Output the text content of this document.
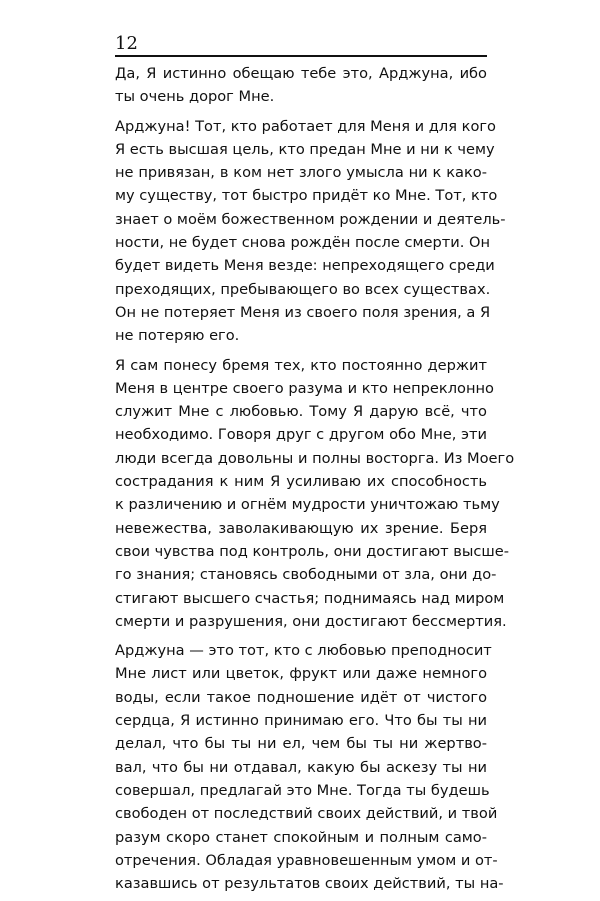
12
Да, Я истинно обещаю тебе это, Арджуна, ибо
ты очень дорог Мне.
Арджуна! Тот, кто работает для Меня и для кого
Я есть высшая цель, кто предан Мне и ни к чему
не привязан, в ком нет злого умысла ни к како-
му существу, тот быстро придёт ко Мне. Тот, кто
знает о моём божественном рождении и деятель-
ности, не будет снова рождён после смерти. Он
будет видеть Меня везде: непреходящего среди
преходящих, пребывающего во всех существах.
Он не потеряет Меня из своего поля зрения, а Я
не потеряю его.
Я сам понесу бремя тех, кто постоянно держит
Меня в центре своего разума и кто непреклонно
служит Мне с любовью. Тому Я дарую всё, что
необходимо. Говоря друг с другом обо Мне, эти
люди всегда довольны и полны восторга. Из Моего
сострадания к ним Я усиливаю их способность
к различению и огнём мудрости уничтожаю тьму
невежества, заволакивающую их зрение. Беря
свои чувства под контроль, они достигают высше-
го знания; становясь свободными от зла, они до-
стигают высшего счастья; поднимаясь над миром
смерти и разрушения, они достигают бессмертия.
Арджуна — это тот, кто с любовью преподносит
Мне лист или цветок, фрукт или даже немного
воды, если такое подношение идёт от чистого
сердца, Я истинно принимаю его. Что бы ты ни
делал, что бы ты ни ел, чем бы ты ни жертво-
вал, что бы ни отдавал, какую бы аскезу ты ни
совершал, предлагай это Мне. Тогда ты будешь
свободен от последствий своих действий, и твой
разум скоро станет спокойным и полным само-
отречения. Обладая уравновешенным умом и от-
казавшись от результатов своих действий, ты на-
